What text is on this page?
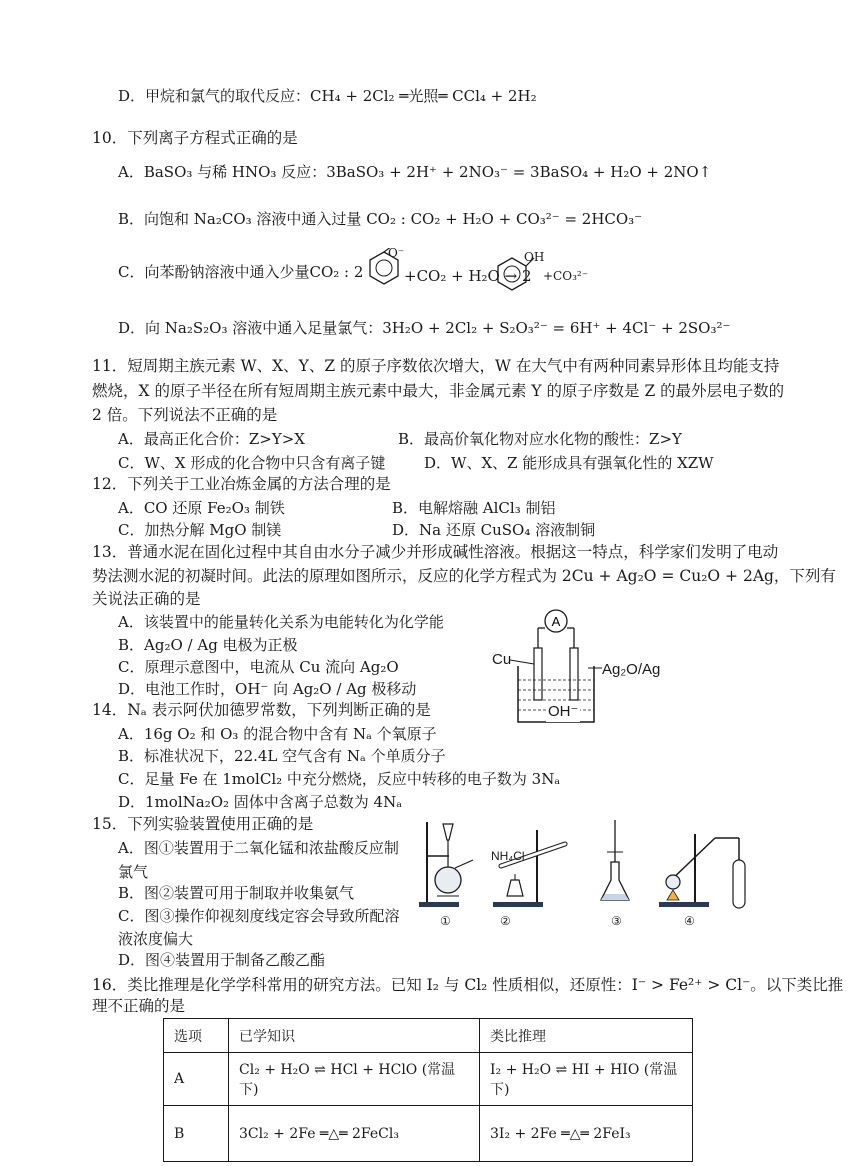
D．甲烷和氯气的取代反应：CH₄ + 2Cl₂ ═光照═ CCl₄ + 2H₂
10．下列离子方程式正确的是
A．BaSO₃ 与稀 HNO₃ 反应：3BaSO₃ + 2H⁺ + 2NO₃⁻ = 3BaSO₄ + H₂O + 2NO↑
B．向饱和 Na₂CO₃ 溶液中通入过量 CO₂ : CO₂ + H₂O + CO₃²⁻ = 2HCO₃⁻
C．向苯酚钠溶液中通入少量CO₂ : 2
O⁻
+CO₂ + H₂O → 2
OH
+CO₃²⁻
D．向 Na₂S₂O₃ 溶液中通入足量氯气：3H₂O + 2Cl₂ + S₂O₃²⁻ = 6H⁺ + 4Cl⁻ + 2SO₃²⁻
11．短周期主族元素 W、X、Y、Z 的原子序数依次增大，W 在大气中有两种同素异形体且均能支持
燃烧，X 的原子半径在所有短周期主族元素中最大，非金属元素 Y 的原子序数是 Z 的最外层电子数的
2 倍。下列说法不正确的是
A．最高正化合价：Z>Y>X	B．最高价氧化物对应水化物的酸性：Z>Y
C．W、X 形成的化合物中只含有离子键	D．W、X、Z 能形成具有强氧化性的 XZW
12．下列关于工业冶炼金属的方法合理的是
A．CO 还原 Fe₂O₃ 制铁	B．电解熔融 AlCl₃ 制铝
C．加热分解 MgO 制镁	D．Na 还原 CuSO₄ 溶液制铜
13．普通水泥在固化过程中其自由水分子减少并形成碱性溶液。根据这一特点，科学家们发明了电动
势法测水泥的初凝时间。此法的原理如图所示，反应的化学方程式为 2Cu + Ag₂O = Cu₂O + 2Ag，下列有
关说法正确的是
A．该装置中的能量转化关系为电能转化为化学能
B．Ag₂O / Ag 电极为正极
C．原理示意图中，电流从 Cu 流向 Ag₂O
D．电池工作时，OH⁻ 向 Ag₂O / Ag 极移动
A
Cu
Ag₂O/Ag
OH⁻
14．Nₐ 表示阿伏加德罗常数，下列判断正确的是
A．16g O₂ 和 O₃ 的混合物中含有 Nₐ 个氧原子
B．标准状况下，22.4L 空气含有 Nₐ 个单质分子
C．足量 Fe 在 1molCl₂ 中充分燃烧，反应中转移的电子数为 3Nₐ
D．1molNa₂O₂ 固体中含离子总数为 4Nₐ
15．下列实验装置使用正确的是
A．图①装置用于二氧化锰和浓盐酸反应制
氯气
B．图②装置可用于制取并收集氨气
C．图③操作仰视刻度线定容会导致所配溶
液浓度偏大
D．图④装置用于制备乙酸乙酯
NH₄Cl
①	②	③	④
16．类比推理是化学学科常用的研究方法。已知 I₂ 与 Cl₂ 性质相似，还原性：I⁻ > Fe²⁺ > Cl⁻。以下类比推
理不正确的是
选项	已学知识	类比推理
A	Cl₂ + H₂O ⇌ HCl + HClO (常温下)	I₂ + H₂O ⇌ HI + HIO (常温下)
B	3Cl₂ + 2Fe ═△═ 2FeCl₃	3I₂ + 2Fe ═△═ 2FeI₃
